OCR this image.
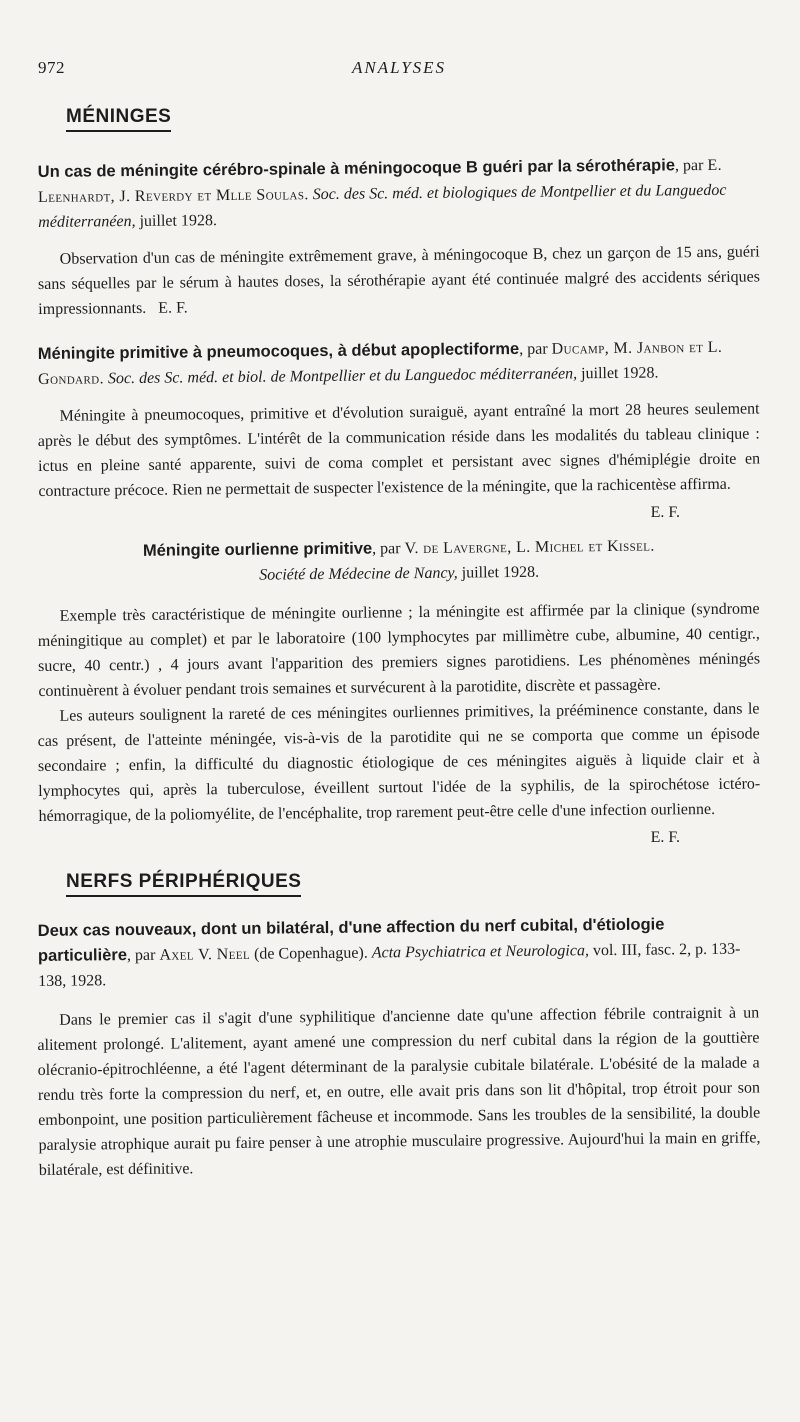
972	ANALYSES
MÉNINGES

Un cas de méningite cérébro-spinale à méningocoque B guéri par la sérothérapie, par E. Leenhardt, J. Reverdy et Mlle Soulas. Soc. des Sc. méd. et biologiques de Montpellier et du Languedoc méditerranéen, juillet 1928.

Observation d'un cas de méningite extrêmement grave, à méningocoque B, chez un garçon de 15 ans, guéri sans séquelles par le sérum à hautes doses, la sérothérapie ayant été continuée malgré des accidents sériques impressionnants. E. F.

Méningite primitive à pneumocoques, à début apoplectiforme, par Ducamp, M. Janbon et L. Gondard. Soc. des Sc. méd. et biol. de Montpellier et du Languedoc méditerranéen, juillet 1928.

Méningite à pneumocoques, primitive et d'évolution suraiguë, ayant entraîné la mort 28 heures seulement après le début des symptômes. L'intérêt de la communication réside dans les modalités du tableau clinique : ictus en pleine santé apparente, suivi de coma complet et persistant avec signes d'hémiplégie droite en contracture précoce. Rien ne permettait de suspecter l'existence de la méningite, que la rachicentèse affirma.

E. F.

Méningite ourlienne primitive, par V. de Lavergne, L. Michel et Kissel.
Société de Médecine de Nancy, juillet 1928.

Exemple très caractéristique de méningite ourlienne ; la méningite est affirmée par la clinique (syndrome méningitique au complet) et par le laboratoire (100 lymphocytes par millimètre cube, albumine, 40 centigr., sucre, 40 centr.) , 4 jours avant l'apparition des premiers signes parotidiens. Les phénomènes méningés continuèrent à évoluer pendant trois semaines et survécurent à la parotidite, discrète et passagère.

Les auteurs soulignent la rareté de ces méningites ourliennes primitives, la prééminence constante, dans le cas présent, de l'atteinte méningée, vis-à-vis de la parotidite qui ne se comporta que comme un épisode secondaire ; enfin, la difficulté du diagnostic étiologique de ces méningites aiguës à liquide clair et à lymphocytes qui, après la tuberculose, éveillent surtout l'idée de la syphilis, de la spirochétose ictéro-hémorragique, de la poliomyélite, de l'encéphalite, trop rarement peut-être celle d'une infection ourlienne.

E. F.
NERFS PÉRIPHÉRIQUES

Deux cas nouveaux, dont un bilatéral, d'une affection du nerf cubital, d'étiologie particulière, par Axel V. Neel (de Copenhague). Acta Psychiatrica et Neurologica, vol. III, fasc. 2, p. 133-138, 1928.

Dans le premier cas il s'agit d'une syphilitique d'ancienne date qu'une affection fébrile contraignit à un alitement prolongé. L'alitement, ayant amené une compression du nerf cubital dans la région de la gouttière olécranio-épitrochléenne, a été l'agent déterminant de la paralysie cubitale bilatérale. L'obésité de la malade a rendu très forte la compression du nerf, et, en outre, elle avait pris dans son lit d'hôpital, trop étroit pour son embonpoint, une position particulièrement fâcheuse et incommode. Sans les troubles de la sensibilité, la double paralysie atrophique aurait pu faire penser à une atrophie musculaire progressive. Aujourd'hui la main en griffe, bilatérale, est définitive.
